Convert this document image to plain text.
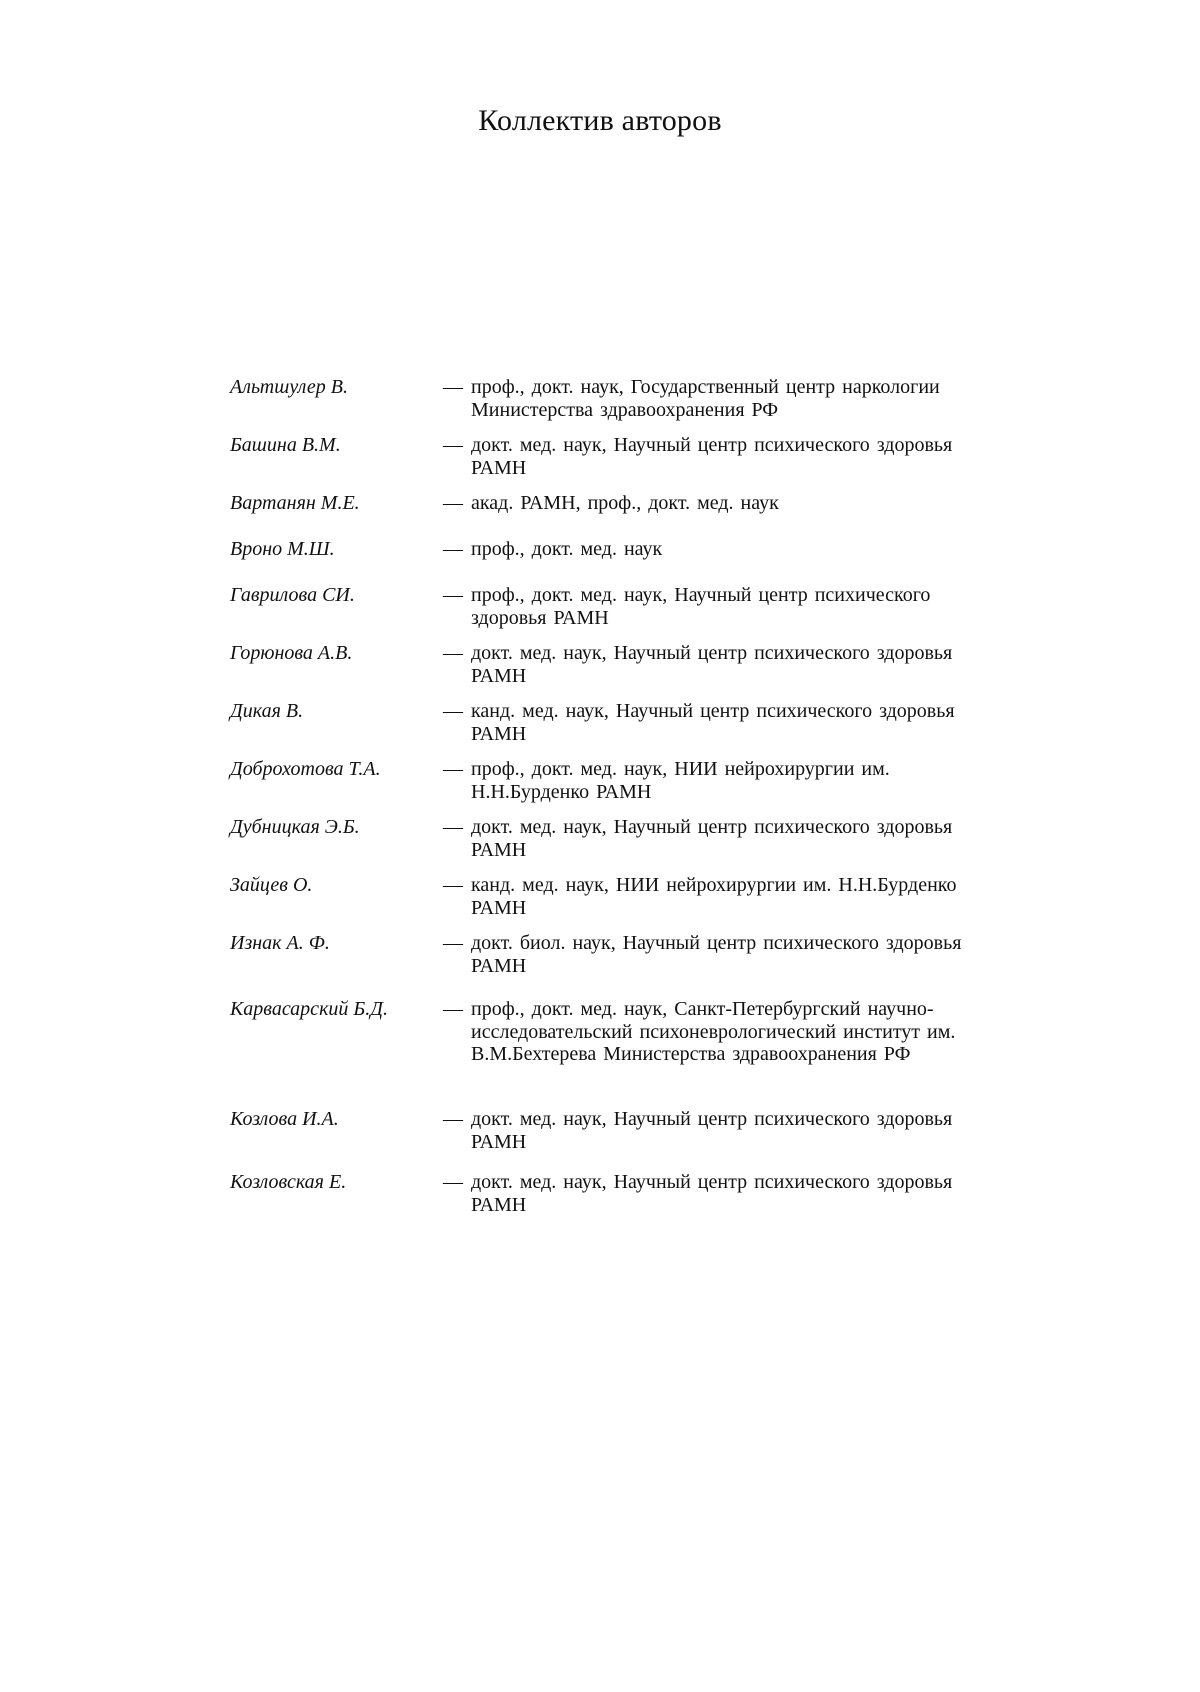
Коллектив авторов
Альтшулер В.	— проф., докт. наук, Государственный центр наркологии Министерства здравоохранения РФ
Башина В.М.	— докт. мед. наук, Научный центр психического здоровья РАМН
Вартанян М.Е.	— акад. РАМН, проф., докт. мед. наук
Вроно М.Ш.	— проф., докт. мед. наук
Гаврилова СИ.	— проф., докт. мед. наук, Научный центр психического здоровья РАМН
Горюнова А.В.	— докт. мед. наук, Научный центр психического здоровья РАМН
Дикая В.	— канд. мед. наук, Научный центр психического здоровья РАМН
Доброхотова Т.А.	— проф., докт. мед. наук, НИИ нейрохирургии им. Н.Н.Бурденко РАМН
Дубницкая Э.Б.	— докт. мед. наук, Научный центр психического здоровья РАМН
Зайцев О.	— канд. мед. наук, НИИ нейрохирургии им. Н.Н.Бурденко РАМН
Изнак А. Ф.	— докт. биол. наук, Научный центр психического здоровья РАМН
Карвасарский Б.Д.	— проф., докт. мед. наук, Санкт-Петербургский научно-исследовательский психоневрологический институт им. В.М.Бехтерева Министерства здравоохранения РФ
Козлова И.А.	— докт. мед. наук, Научный центр психического здоровья РАМН
Козловская Е.	— докт. мед. наук, Научный центр психического здоровья РАМН
